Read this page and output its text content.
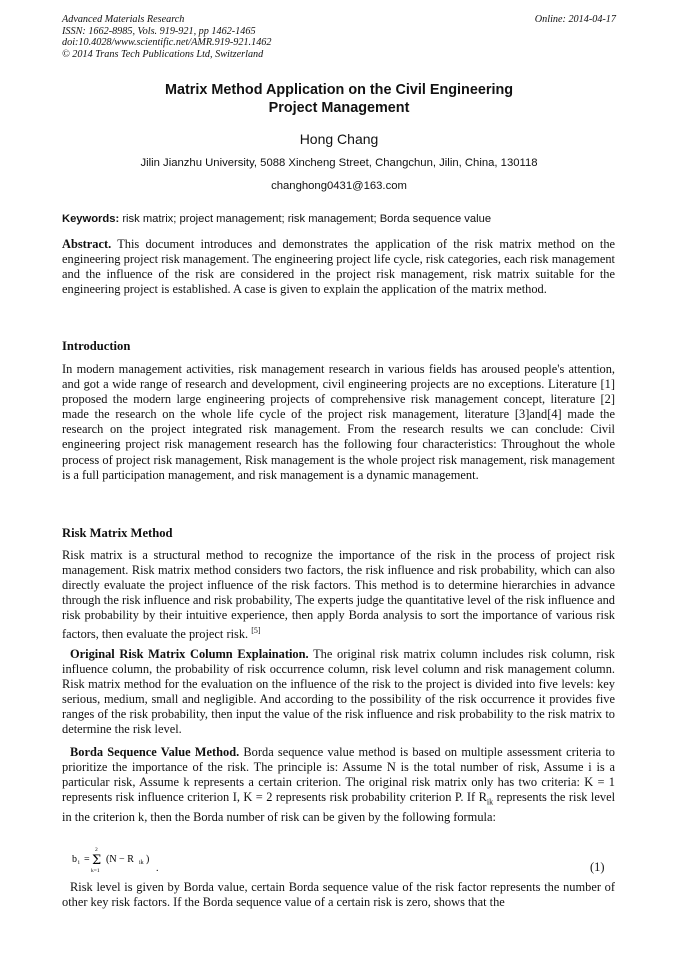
Advanced Materials Research
ISSN: 1662-8985, Vols. 919-921, pp 1462-1465
doi:10.4028/www.scientific.net/AMR.919-921.1462
© 2014 Trans Tech Publications Ltd, Switzerland
Online: 2014-04-17
Matrix Method Application on the Civil Engineering
Project Management
Hong Chang
Jilin Jianzhu University, 5088 Xincheng Street, Changchun, Jilin, China, 130118
changhong0431@163.com
Keywords: risk matrix; project management; risk management; Borda sequence value
Abstract. This document introduces and demonstrates the application of the risk matrix method on the engineering project risk management. The engineering project life cycle, risk categories, each risk management and the influence of the risk are considered in the project risk management, risk matrix suitable for the engineering project is established. A case is given to explain the application of the matrix method.
Introduction
In modern management activities, risk management research in various fields has aroused people's attention, and got a wide range of research and development, civil engineering projects are no exceptions. Literature [1] proposed the modern large engineering projects of comprehensive risk management concept, literature [2] made the research on the whole life cycle of the project risk management, literature [3]and[4] made the research on the project integrated risk management. From the research results we can conclude: Civil engineering project risk management research has the following four characteristics: Throughout the whole process of project risk management, Risk management is the whole project risk management, risk management is a full participation management, and risk management is a dynamic management.
Risk Matrix Method
Risk matrix is a structural method to recognize the importance of the risk in the process of project risk management. Risk matrix method considers two factors, the risk influence and risk probability, which can also directly evaluate the project influence of the risk factors. This method is to determine hierarchies in advance through the risk influence and risk probability, The experts judge the quantitative level of the risk influence and risk probability by their intuitive experience, then apply Borda analysis to sort the importance of various risk factors, then evaluate the project risk. [5]
Original Risk Matrix Column Explaination. The original risk matrix column includes risk column, risk influence column, the probability of risk occurrence column, risk level column and risk management column. Risk matrix method for the evaluation on the influence of the risk to the project is divided into five levels: key serious, medium, small and negligible. And according to the possibility of the risk occurrence it provides five ranges of the risk probability, then input the value of the risk influence and risk probability to the risk matrix to determine the risk level.
Borda Sequence Value Method. Borda sequence value method is based on multiple assessment criteria to prioritize the importance of the risk. The principle is: Assume N is the total number of risk, Assume i is a particular risk, Assume k represents a certain criterion. The original risk matrix only has two criteria: K = 1 represents risk influence criterion I, K = 2 represents risk probability criterion P. If $R_{ik}$ represents the risk level in the criterion k, then the Borda number of risk can be given by the following formula:
b i =
2
Σ
k=1
(N − R ik )
.	(1)
Risk level is given by Borda value, certain Borda sequence value of the risk factor represents the number of other key risk factors. If the Borda sequence value of a certain risk is zero, shows that the
